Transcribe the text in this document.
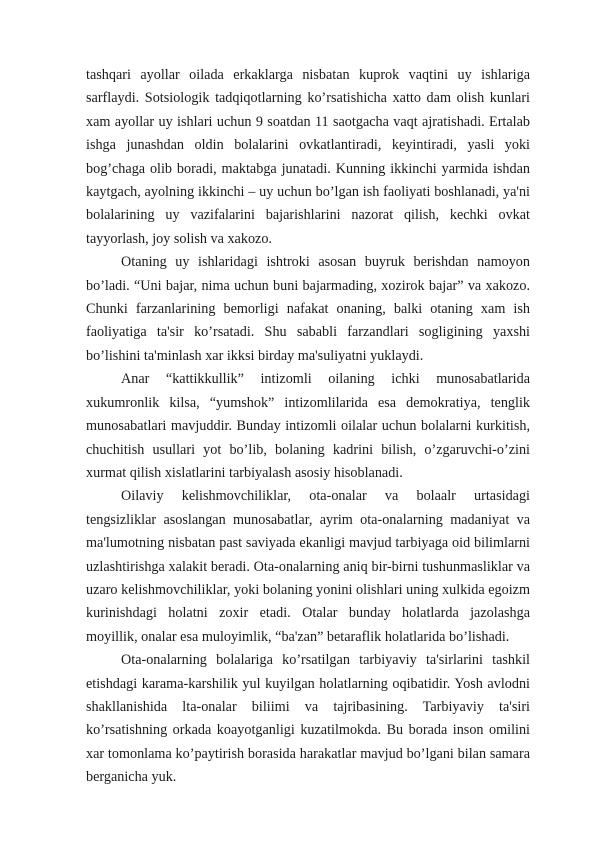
tashqari ayollar oilada erkaklarga nisbatan kuprok vaqtini uy ishlariga sarflaydi. Sotsiologik tadqiqotlarning ko’rsatishicha xatto dam olish kunlari xam ayollar uy ishlari uchun 9 soatdan 11 saotgacha vaqt ajratishadi. Ertalab ishga junashdan oldin bolalarini ovkatlantiradi, keyintiradi, yasli yoki bog’chaga olib boradi, maktabga junatadi. Kunning ikkinchi yarmida ishdan kaytgach, ayolning ikkinchi – uy uchun bo’lgan ish faoliyati boshlanadi, ya'ni bolalarining uy vazifalarini bajarishlarini nazorat qilish, kechki ovkat tayyorlash, joy solish va xakozo.

Otaning uy ishlaridagi ishtroki asosan buyruk berishdan namoyon bo’ladi. “Uni bajar, nima uchun buni bajarmading, xozirok bajar” va xakozo. Chunki farzanlarining bemorligi nafakat onaning, balki otaning xam ish faoliyatiga ta'sir ko’rsatadi. Shu sababli farzandlari sogligining yaxshi bo’lishini ta'minlash xar ikksi birday ma'suliyatni yuklaydi.

Anar “kattikkullik” intizomli oilaning ichki munosabatlarida xukumronlik kilsa, “yumshok” intizomlilarida esa demokratiya, tenglik munosabatlari mavjuddir. Bunday intizomli oilalar uchun bolalarni kurkitish, chuchitish usullari yot bo’lib, bolaning kadrini bilish, o’zgaruvchi-o’zini xurmat qilish xislatlarini tarbiyalash asosiy hisoblanadi.

Oilaviy kelishmovchiliklar, ota-onalar va bolaalr urtasidagi tengsizliklar asoslangan munosabatlar, ayrim ota-onalarning madaniyat va ma'lumotning nisbatan past saviyada ekanligi mavjud tarbiyaga oid bilimlarni uzlashtirishga xalakit beradi. Ota-onalarning aniq bir-birni tushunmasliklar va uzaro kelishmovchiliklar, yoki bolaning yonini olishlari uning xulkida egoizm kurinishdagi holatni zoxir etadi. Otalar bunday holatlarda jazolashga moyillik, onalar esa muloyimlik, “ba'zan” betaraflik holatlarida bo’lishadi.

Ota-onalarning bolalariga ko’rsatilgan tarbiyaviy ta'sirlarini tashkil etishdagi karama-karshilik yul kuyilgan holatlarning oqibatidir. Yosh avlodni shakllanishida lta-onalar biliimi va tajribasining. Tarbiyaviy ta'siri ko’rsatishning orkada koayotganligi kuzatilmokda. Bu borada inson omilini xar tomonlama ko’paytirish borasida harakatlar mavjud bo’lgani bilan samara berganicha yuk.
